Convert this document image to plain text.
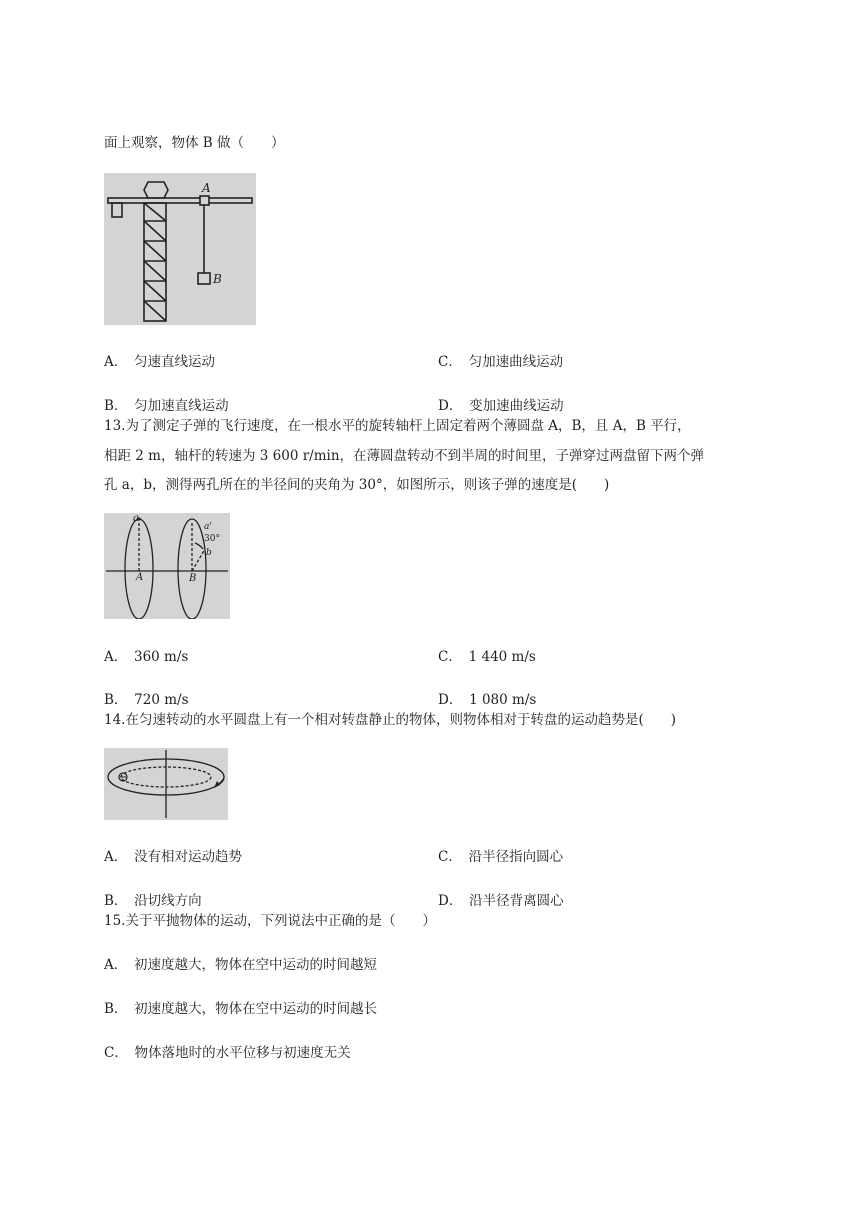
面上观察，物体 B 做（　　）
A
B
A．　 匀速直线运动	C．　 匀加速曲线运动
B．　 匀加速直线运动	D．　 变加速曲线运动
13.为了测定子弹的飞行速度，在一根水平的旋转轴杆上固定着两个薄圆盘 A，B，且 A，B 平行，
相距 2 m，轴杆的转速为 3 600 r/min，在薄圆盘转动不到半周的时间里，子弹穿过两盘留下两个弹
孔 a，b，测得两孔所在的半径间的夹角为 30°，如图所示，则该子弹的速度是(　　)
a
A
a'
30°
b
B
A．　 360 m/s	C．　 1 440 m/s
B．　 720 m/s	D．　 1 080 m/s
14.在匀速转动的水平圆盘上有一个相对转盘静止的物体，则物体相对于转盘的运动趋势是(　　)
A．　 没有相对运动趋势	C．　 沿半径指向圆心
B．　 沿切线方向	D．　 沿半径背离圆心
15.关于平抛物体的运动，下列说法中正确的是（　　）
A．　 初速度越大，物体在空中运动的时间越短
B．　 初速度越大，物体在空中运动的时间越长
C．　 物体落地时的水平位移与初速度无关
